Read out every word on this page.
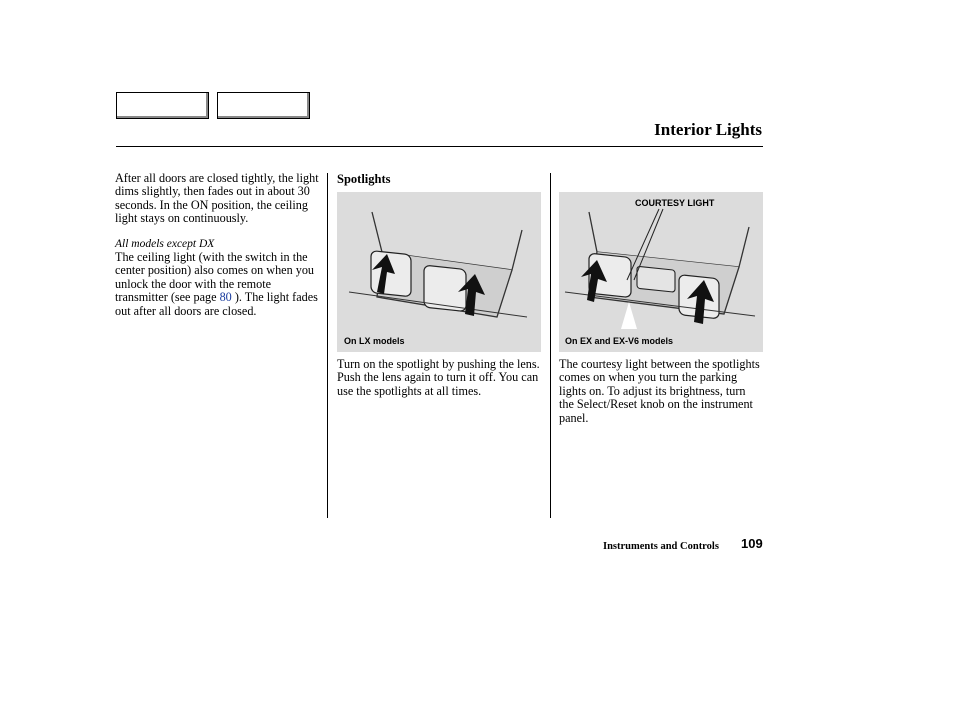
Interior Lights

After all doors are closed tightly, the light dims slightly, then fades out in about 30 seconds. In the ON position, the ceiling light stays on continuously.

All models except DX

The ceiling light (with the switch in the center position) also comes on when you unlock the door with the remote transmitter (see page 80 ). The light fades out after all doors are closed.

Spotlights
On LX models

Turn on the spotlight by pushing the lens. Push the lens again to turn it off. You can use the spotlights at all times.

COURTESY LIGHT
On EX and EX-V6 models

The courtesy light between the spotlights comes on when you turn the parking lights on. To adjust its brightness, turn the Select/Reset knob on the instrument panel.

Instruments and Controls 109
